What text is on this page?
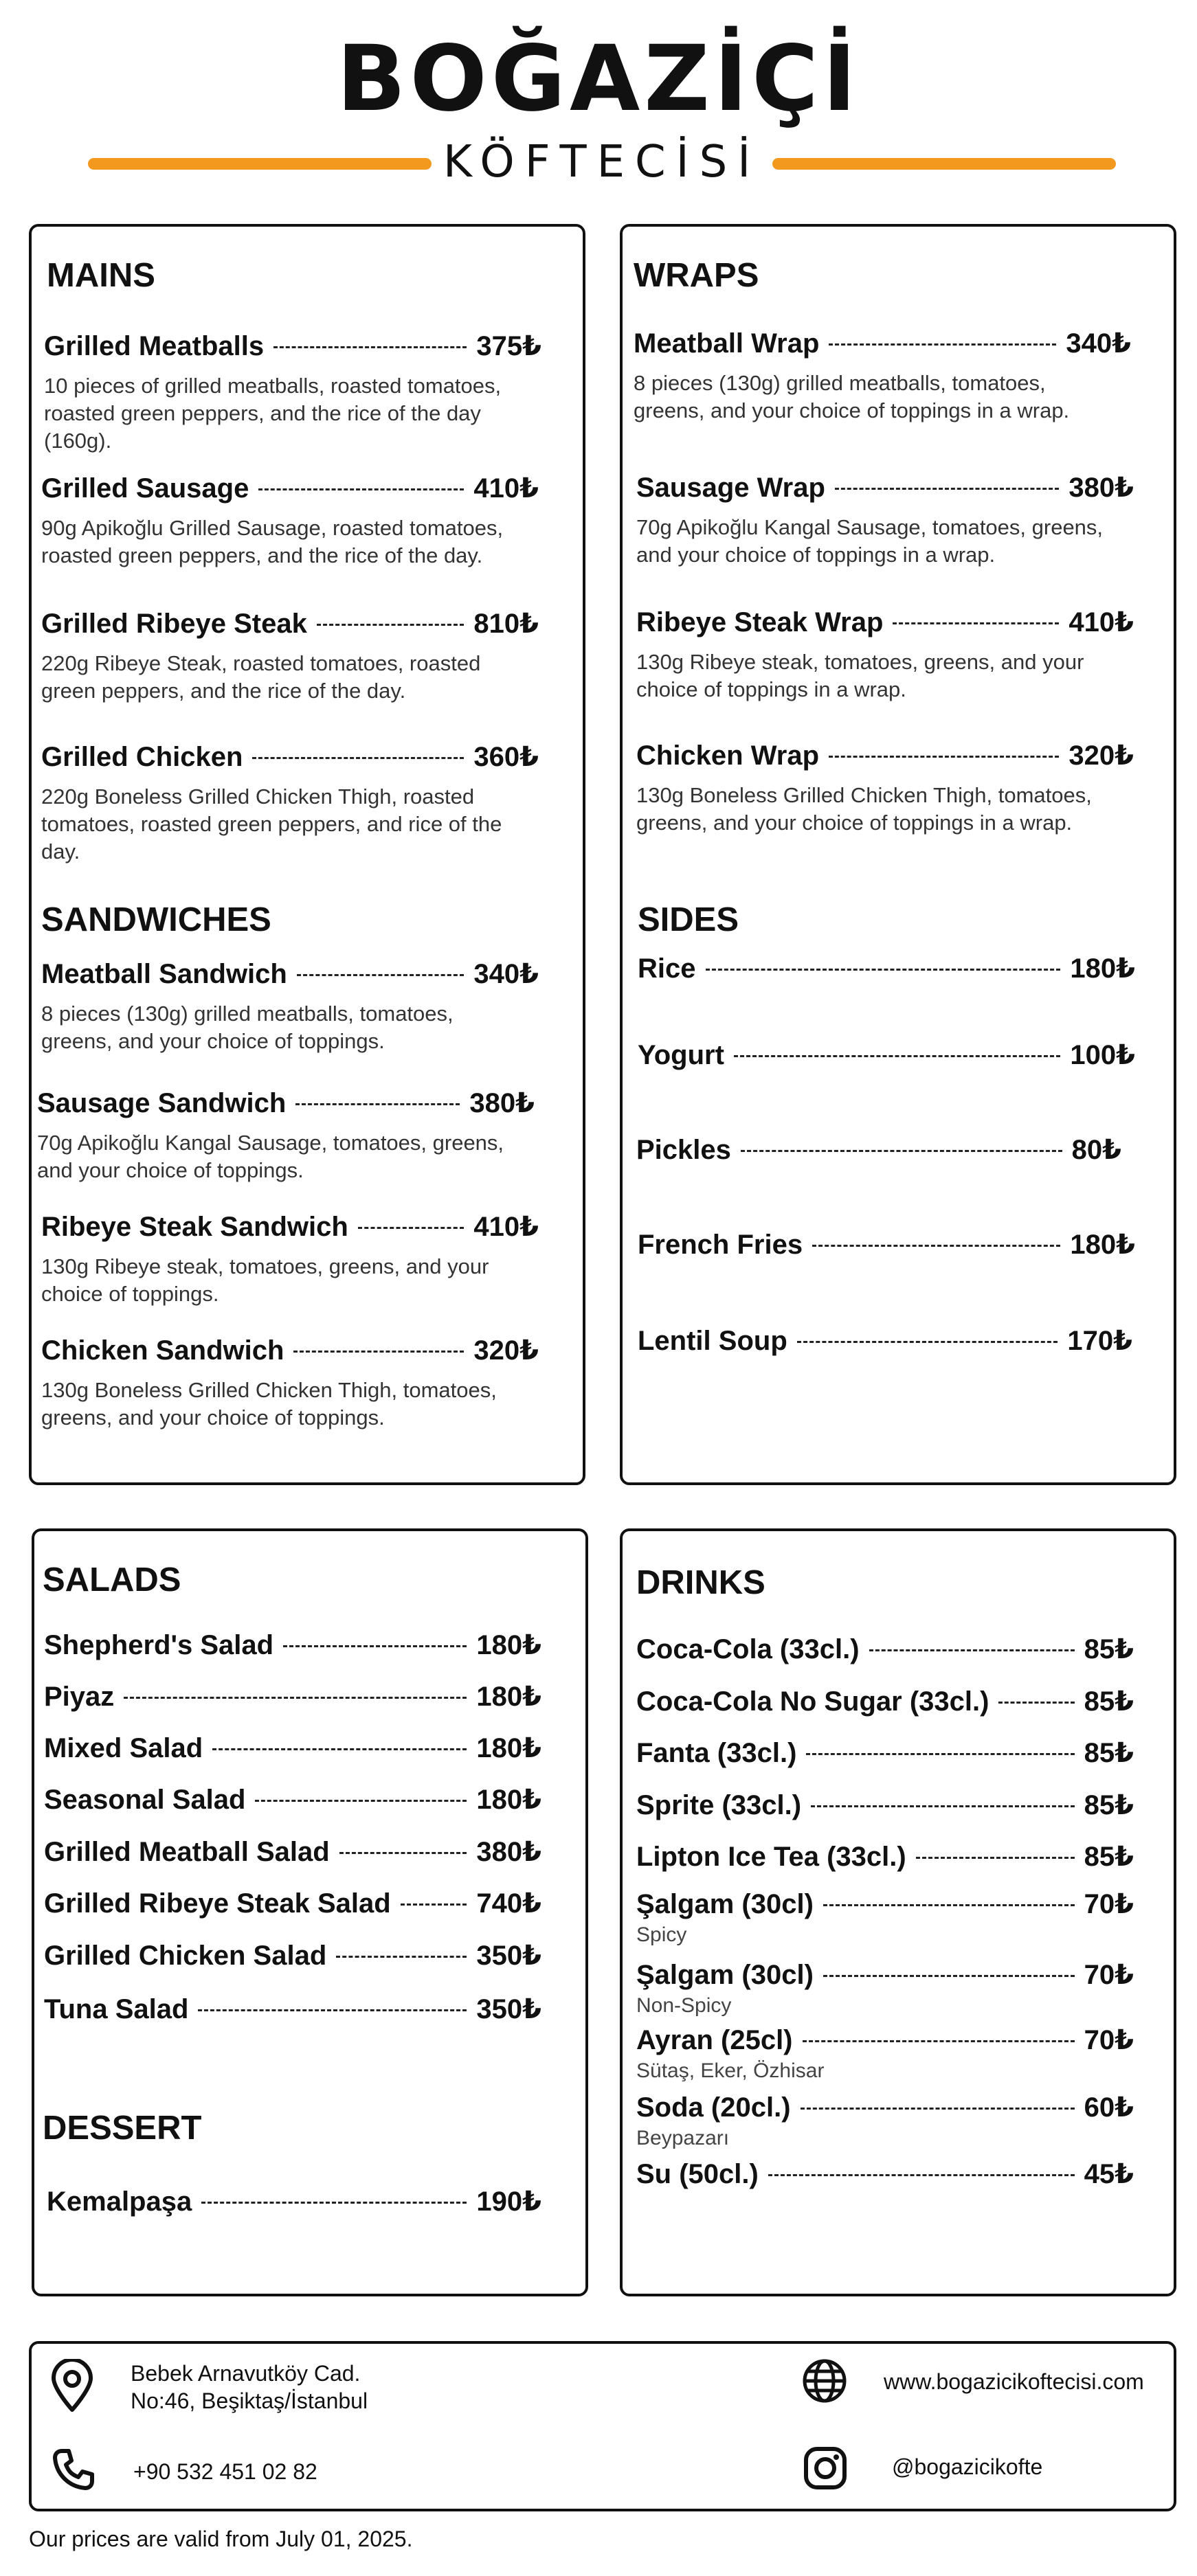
BOĞAZİÇİ
KÖFTECİSİ
MAINS
Grilled Meatballs	375₺
10 pieces of grilled meatballs, roasted tomatoes, roasted green peppers, and the rice of the day (160g).
Grilled Sausage	410₺
90g Apikoğlu Grilled Sausage, roasted tomatoes, roasted green peppers, and the rice of the day.
Grilled Ribeye Steak	810₺
220g Ribeye Steak, roasted tomatoes, roasted green peppers, and the rice of the day.
Grilled Chicken	360₺
220g Boneless Grilled Chicken Thigh, roasted tomatoes, roasted green peppers, and rice of the day.
SANDWICHES
Meatball Sandwich	340₺
8 pieces (130g) grilled meatballs, tomatoes, greens, and your choice of toppings.
Sausage Sandwich	380₺
70g Apikoğlu Kangal Sausage, tomatoes, greens, and your choice of toppings.
Ribeye Steak Sandwich	410₺
130g Ribeye steak, tomatoes, greens, and your choice of toppings.
Chicken Sandwich	320₺
130g Boneless Grilled Chicken Thigh, tomatoes, greens, and your choice of toppings.
WRAPS
Meatball Wrap	340₺
8 pieces (130g) grilled meatballs, tomatoes, greens, and your choice of toppings in a wrap.
Sausage Wrap	380₺
70g Apikoğlu Kangal Sausage, tomatoes, greens, and your choice of toppings in a wrap.
Ribeye Steak Wrap	410₺
130g Ribeye steak, tomatoes, greens, and your choice of toppings in a wrap.
Chicken Wrap	320₺
130g Boneless Grilled Chicken Thigh, tomatoes, greens, and your choice of toppings in a wrap.
SIDES
Rice	180₺
Yogurt	100₺
Pickles	80₺
French Fries	180₺
Lentil Soup	170₺
SALADS
Shepherd's Salad	180₺
Piyaz	180₺
Mixed Salad	180₺
Seasonal Salad	180₺
Grilled Meatball Salad	380₺
Grilled Ribeye Steak Salad	740₺
Grilled Chicken Salad	350₺
Tuna Salad	350₺
DESSERT
Kemalpaşa	190₺
DRINKS
Coca-Cola (33cl.)	85₺
Coca-Cola No Sugar (33cl.)	85₺
Fanta (33cl.)	85₺
Sprite (33cl.)	85₺
Lipton Ice Tea (33cl.)	85₺
Şalgam (30cl)	70₺
Spicy
Şalgam (30cl)	70₺
Non-Spicy
Ayran (25cl)	70₺
Sütaş, Eker, Özhisar
Soda (20cl.)	60₺
Beypazarı
Su (50cl.)	45₺
Bebek Arnavutköy Cad.
No:46, Beşiktaş/İstanbul
+90 532 451 02 82
www.bogazicikoftecisi.com
@bogazicikofte
Our prices are valid from July 01, 2025.
